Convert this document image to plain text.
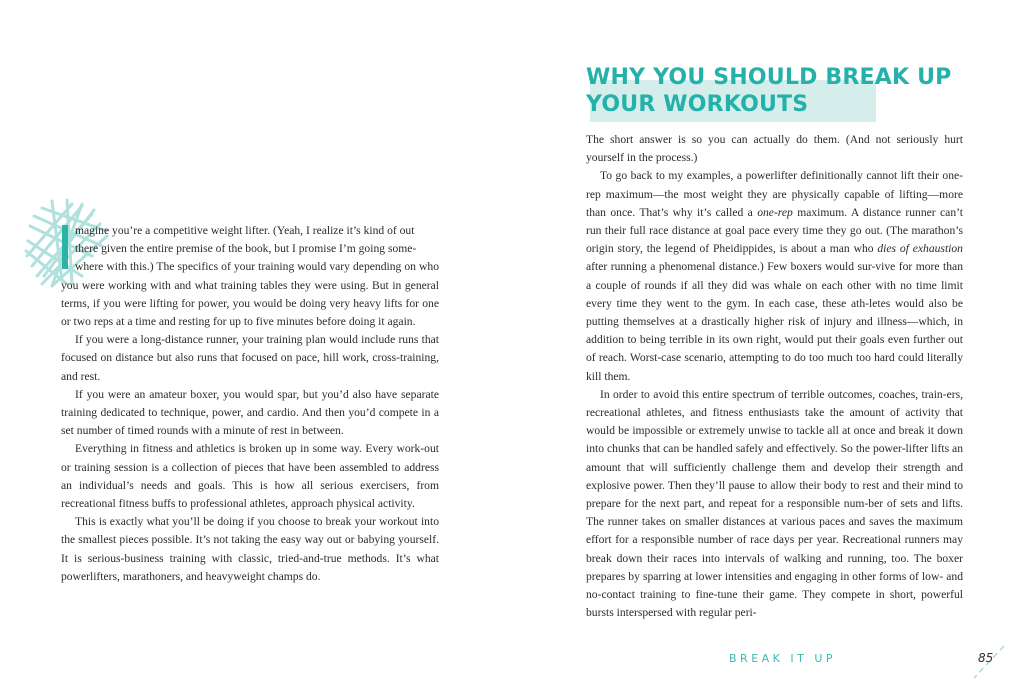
magine you’re a competitive weight lifter. (Yeah, I realize it’s kind of out
there given the entire premise of the book, but I promise I’m going some-
where with this.) The specifics of your training would vary depending on who you were working with and what training tables they were using. But in general terms, if you were lifting for power, you would be doing very heavy lifts for one or two reps at a time and resting for up to five minutes before doing it again.

If you were a long-distance runner, your training plan would include runs that focused on distance but also runs that focused on pace, hill work, cross-training, and rest.

If you were an amateur boxer, you would spar, but you’d also have separate training dedicated to technique, power, and cardio. And then you’d compete in a set number of timed rounds with a minute of rest in between.

Everything in fitness and athletics is broken up in some way. Every work-out or training session is a collection of pieces that have been assembled to address an individual’s needs and goals. This is how all serious exercisers, from recreational fitness buffs to professional athletes, approach physical activity.

This is exactly what you’ll be doing if you choose to break your workout into the smallest pieces possible. It’s not taking the easy way out or babying yourself. It is serious-business training with classic, tried-and-true methods. It’s what powerlifters, marathoners, and heavyweight champs do.

WHY YOU SHOULD BREAK UP
YOUR WORKOUTS

The short answer is so you can actually do them. (And not seriously hurt yourself in the process.)

To go back to my examples, a powerlifter definitionally cannot lift their one-rep maximum—the most weight they are physically capable of lifting—more than once. That’s why it’s called a one-rep maximum. A distance runner can’t run their full race distance at goal pace every time they go out. (The marathon’s origin story, the legend of Pheidippides, is about a man who dies of exhaustion after running a phenomenal distance.) Few boxers would sur-vive for more than a couple of rounds if all they did was whale on each other with no time limit every time they went to the gym. In each case, these ath-letes would also be putting themselves at a drastically higher risk of injury and illness—which, in addition to being terrible in its own right, would put their goals even further out of reach. Worst-case scenario, attempting to do too much too hard could literally kill them.

In order to avoid this entire spectrum of terrible outcomes, coaches, train-ers, recreational athletes, and fitness enthusiasts take the amount of activity that would be impossible or extremely unwise to tackle all at once and break it down into chunks that can be handled safely and effectively. So the power-lifter lifts an amount that will sufficiently challenge them and develop their strength and explosive power. Then they’ll pause to allow their body to rest and their mind to prepare for the next part, and repeat for a responsible num-ber of sets and lifts. The runner takes on smaller distances at various paces and saves the maximum effort for a responsible number of race days per year. Recreational runners may break down their races into intervals of walking and running, too. The boxer prepares by sparring at lower intensities and engaging in other forms of low- and no-contact training to fine-tune their game. They compete in short, powerful bursts interspersed with regular peri-

BREAK IT UP	85
